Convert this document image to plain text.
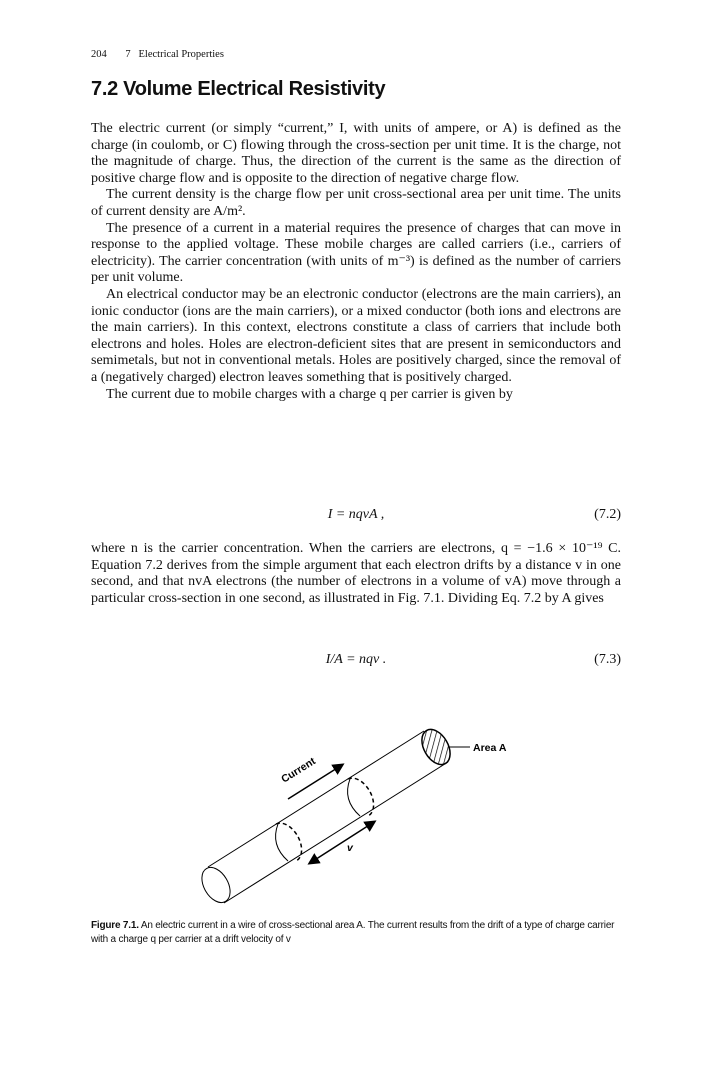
204 7   Electrical Properties
7.2 Volume Electrical Resistivity

The electric current (or simply “current,” I, with units of ampere, or A) is defined as the charge (in coulomb, or C) flowing through the cross-section per unit time. It is the charge, not the magnitude of charge. Thus, the direction of the current is the same as the direction of positive charge flow and is opposite to the direction of negative charge flow.

The current density is the charge flow per unit cross-sectional area per unit time. The units of current density are A/m².

The presence of a current in a material requires the presence of charges that can move in response to the applied voltage. These mobile charges are called carriers (i.e., carriers of electricity). The carrier concentration (with units of m⁻³) is defined as the number of carriers per unit volume.

An electrical conductor may be an electronic conductor (electrons are the main carriers), an ionic conductor (ions are the main carriers), or a mixed conductor (both ions and electrons are the main carriers). In this context, electrons constitute a class of carriers that include both electrons and holes. Holes are electron-deficient sites that are present in semiconductors and semimetals, but not in conventional metals. Holes are positively charged, since the removal of a (negatively charged) electron leaves something that is positively charged.

The current due to mobile charges with a charge q per carrier is given by

I = nqvA ,	(7.2)

where n is the carrier concentration. When the carriers are electrons, q = −1.6 × 10⁻¹⁹ C. Equation 7.2 derives from the simple argument that each electron drifts by a distance v in one second, and that nvA electrons (the number of electrons in a volume of vA) move through a particular cross-section in one second, as illustrated in Fig. 7.1. Dividing Eq. 7.2 by A gives

I/A = nqv .	(7.3)
Area A
Current
v
Figure 7.1. An electric current in a wire of cross-sectional area A. The current results from the drift of a type of charge carrier with a charge q per carrier at a drift velocity of v
